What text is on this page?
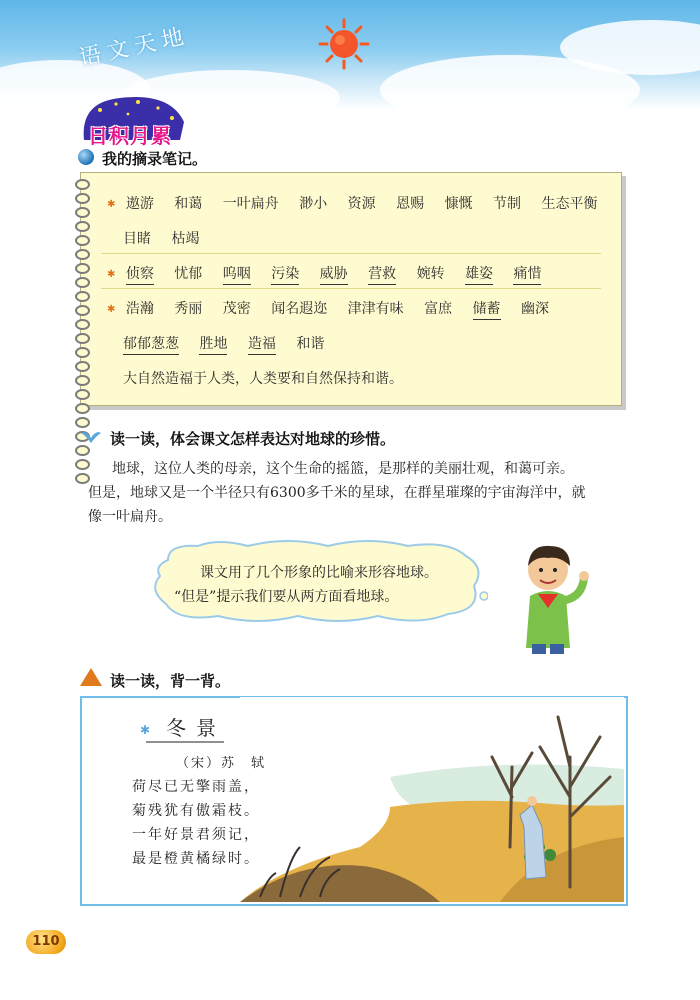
语文天地
日积月累
我的摘录笔记。
✱ 遨游 和蔼 一叶扁舟 渺小 资源 恩赐 慷慨 节制 生态平衡
目睹 枯竭
✱ 侦察 忧郁 呜咽 污染 威胁 营救 婉转 雄姿 痛惜
✱ 浩瀚 秀丽 茂密 闻名遐迩 津津有味 富庶 储蓄 幽深
郁郁葱葱 胜地 造福 和谐
大自然造福于人类，人类要和自然保持和谐。
读一读，体会课文怎样表达对地球的珍惜。
地球，这位人类的母亲，这个生命的摇篮，是那样的美丽壮观，和蔼可亲。
但是，地球又是一个半径只有6300多千米的星球，在群星璀璨的宇宙海洋中，就
像一叶扁舟。
课文用了几个形象的比喻来形容地球。
“但是”提示我们要从两方面看地球。
读一读，背一背。
✱ 冬景
（宋）苏　轼
荷尽已无擎雨盖，
菊残犹有傲霜枝。
一年好景君须记，
最是橙黄橘绿时。
110
